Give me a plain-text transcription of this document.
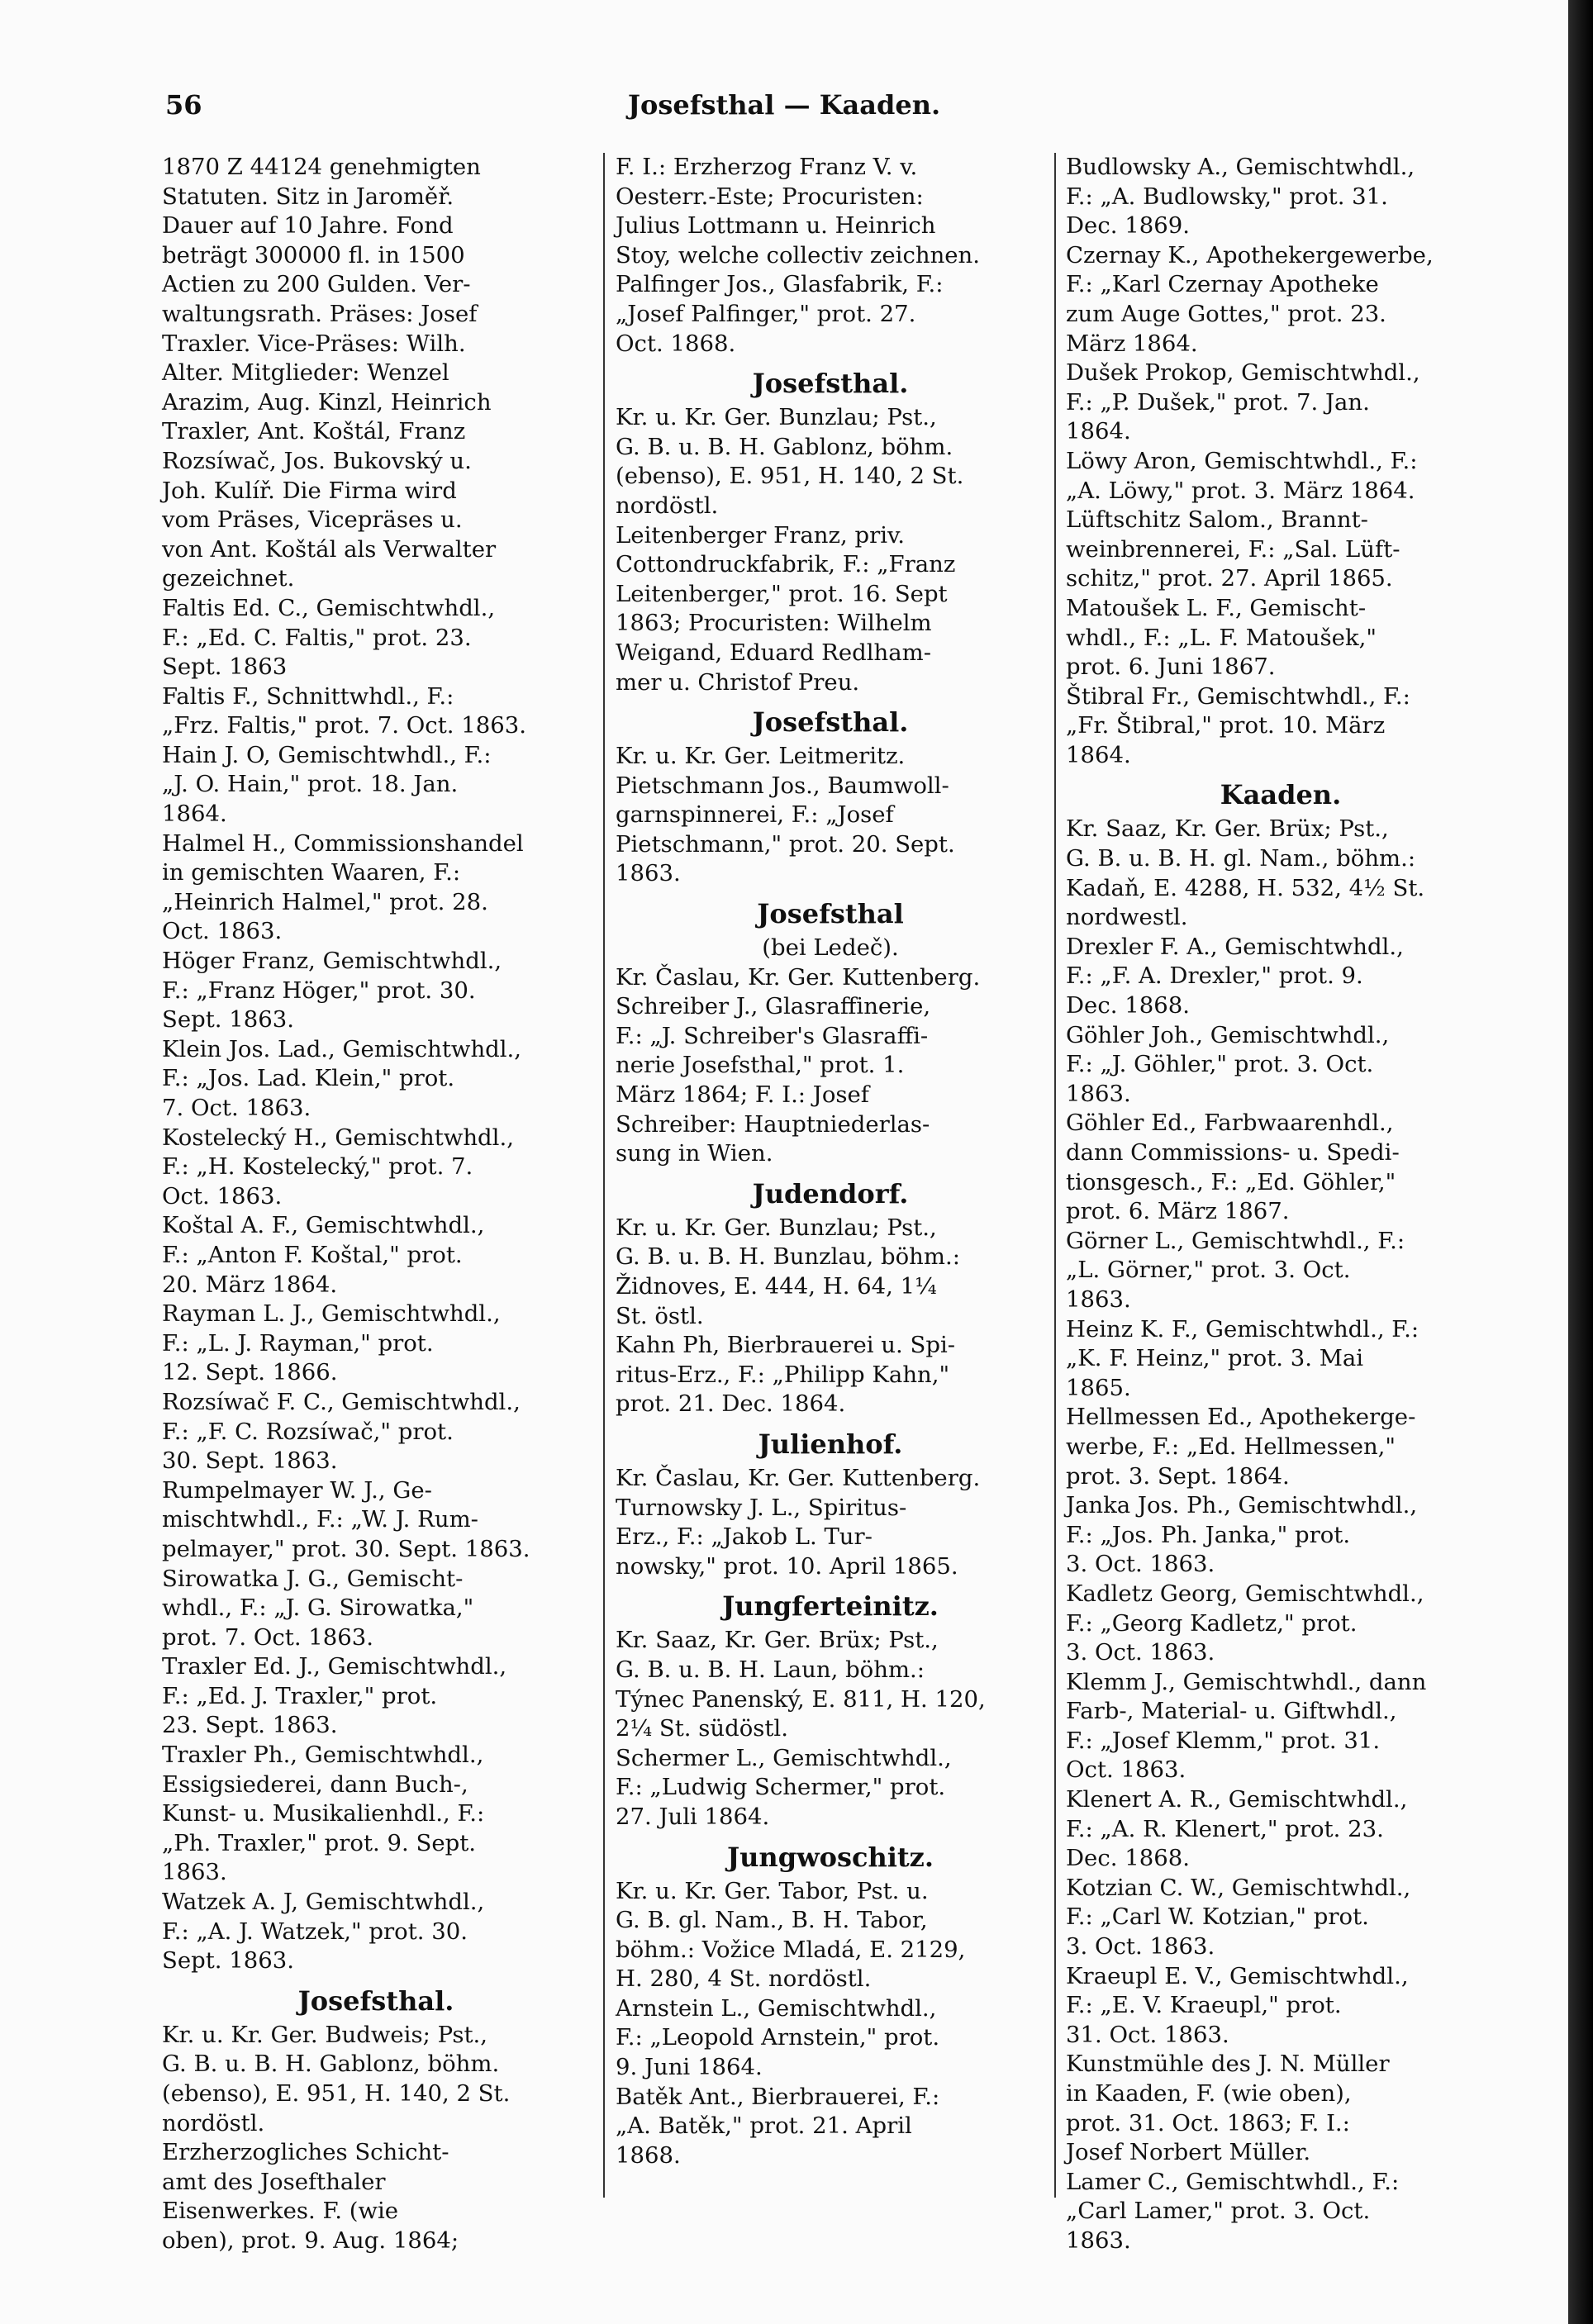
56	Josefsthal — Kaaden.
1870 Z 44124 genehmigten
Statuten. Sitz in Jaroměř.
Dauer auf 10 Jahre. Fond
beträgt 300000 fl. in 1500
Actien zu 200 Gulden. Ver-
waltungsrath. Präses: Josef
Traxler. Vice-Präses: Wilh.
Alter. Mitglieder: Wenzel
Arazim, Aug. Kinzl, Heinrich
Traxler, Ant. Koštál, Franz
Rozsíwač, Jos. Bukovský u.
Joh. Kulíř. Die Firma wird
vom Präses, Vicepräses u.
von Ant. Koštál als Verwalter
gezeichnet.
Faltis Ed. C., Gemischtwhdl.,
F.: „Ed. C. Faltis," prot. 23.
Sept. 1863
Faltis F., Schnittwhdl., F.:
„Frz. Faltis," prot. 7. Oct. 1863.
Hain J. O, Gemischtwhdl., F.:
„J. O. Hain," prot. 18. Jan.
1864.
Halmel H., Commissionshandel
in gemischten Waaren, F.:
„Heinrich Halmel," prot. 28.
Oct. 1863.
Höger Franz, Gemischtwhdl.,
F.: „Franz Höger," prot. 30.
Sept. 1863.
Klein Jos. Lad., Gemischtwhdl.,
F.: „Jos. Lad. Klein," prot.
7. Oct. 1863.
Kostelecký H., Gemischtwhdl.,
F.: „H. Kostelecký," prot. 7.
Oct. 1863.
Koštal A. F., Gemischtwhdl.,
F.: „Anton F. Koštal," prot.
20. März 1864.
Rayman L. J., Gemischtwhdl.,
F.: „L. J. Rayman," prot.
12. Sept. 1866.
Rozsíwač F. C., Gemischtwhdl.,
F.: „F. C. Rozsíwač," prot.
30. Sept. 1863.
Rumpelmayer W. J., Ge-
mischtwhdl., F.: „W. J. Rum-
pelmayer," prot. 30. Sept. 1863.
Sirowatka J. G., Gemischt-
whdl., F.: „J. G. Sirowatka,"
prot. 7. Oct. 1863.
Traxler Ed. J., Gemischtwhdl.,
F.: „Ed. J. Traxler," prot.
23. Sept. 1863.
Traxler Ph., Gemischtwhdl.,
Essigsiederei, dann Buch-,
Kunst- u. Musikalienhdl., F.:
„Ph. Traxler," prot. 9. Sept.
1863.
Watzek A. J, Gemischtwhdl.,
F.: „A. J. Watzek," prot. 30.
Sept. 1863.
Josefsthal.
Kr. u. Kr. Ger. Budweis; Pst.,
G. B. u. B. H. Gablonz, böhm.
(ebenso), E. 951, H. 140, 2 St.
nordöstl.
Erzherzogliches Schicht-
amt des Josefthaler
Eisenwerkes. F. (wie
oben), prot. 9. Aug. 1864;
F. I.: Erzherzog Franz V. v.
Oesterr.-Este; Procuristen:
Julius Lottmann u. Heinrich
Stoy, welche collectiv zeichnen.
Palfinger Jos., Glasfabrik, F.:
„Josef Palfinger," prot. 27.
Oct. 1868.
Josefsthal.
Kr. u. Kr. Ger. Bunzlau; Pst.,
G. B. u. B. H. Gablonz, böhm.
(ebenso), E. 951, H. 140, 2 St.
nordöstl.
Leitenberger Franz, priv.
Cottondruckfabrik, F.: „Franz
Leitenberger," prot. 16. Sept
1863; Procuristen: Wilhelm
Weigand, Eduard Redlham-
mer u. Christof Preu.
Josefsthal.
Kr. u. Kr. Ger. Leitmeritz.
Pietschmann Jos., Baumwoll-
garnspinnerei, F.: „Josef
Pietschmann," prot. 20. Sept.
1863.
Josefsthal
(bei Ledeč).
Kr. Časlau, Kr. Ger. Kuttenberg.
Schreiber J., Glasraffinerie,
F.: „J. Schreiber's Glasraffi-
nerie Josefsthal," prot. 1.
März 1864; F. I.: Josef
Schreiber: Hauptniederlas-
sung in Wien.
Judendorf.
Kr. u. Kr. Ger. Bunzlau; Pst.,
G. B. u. B. H. Bunzlau, böhm.:
Židnoves, E. 444, H. 64, 1¼
St. östl.
Kahn Ph, Bierbrauerei u. Spi-
ritus-Erz., F.: „Philipp Kahn,"
prot. 21. Dec. 1864.
Julienhof.
Kr. Časlau, Kr. Ger. Kuttenberg.
Turnowsky J. L., Spiritus-
Erz., F.: „Jakob L. Tur-
nowsky," prot. 10. April 1865.
Jungferteinitz.
Kr. Saaz, Kr. Ger. Brüx; Pst.,
G. B. u. B. H. Laun, böhm.:
Týnec Panenský, E. 811, H. 120,
2¼ St. südöstl.
Schermer L., Gemischtwhdl.,
F.: „Ludwig Schermer," prot.
27. Juli 1864.
Jungwoschitz.
Kr. u. Kr. Ger. Tabor, Pst. u.
G. B. gl. Nam., B. H. Tabor,
böhm.: Vožice Mladá, E. 2129,
H. 280, 4 St. nordöstl.
Arnstein L., Gemischtwhdl.,
F.: „Leopold Arnstein," prot.
9. Juni 1864.
Batěk Ant., Bierbrauerei, F.:
„A. Batěk," prot. 21. April
1868.
Budlowsky A., Gemischtwhdl.,
F.: „A. Budlowsky," prot. 31.
Dec. 1869.
Czernay K., Apothekergewerbe,
F.: „Karl Czernay Apotheke
zum Auge Gottes," prot. 23.
März 1864.
Dušek Prokop, Gemischtwhdl.,
F.: „P. Dušek," prot. 7. Jan.
1864.
Löwy Aron, Gemischtwhdl., F.:
„A. Löwy," prot. 3. März 1864.
Lüftschitz Salom., Brannt-
weinbrennerei, F.: „Sal. Lüft-
schitz," prot. 27. April 1865.
Matoušek L. F., Gemischt-
whdl., F.: „L. F. Matoušek,"
prot. 6. Juni 1867.
Štibral Fr., Gemischtwhdl., F.:
„Fr. Štibral," prot. 10. März
1864.
Kaaden.
Kr. Saaz, Kr. Ger. Brüx; Pst.,
G. B. u. B. H. gl. Nam., böhm.:
Kadaň, E. 4288, H. 532, 4½ St.
nordwestl.
Drexler F. A., Gemischtwhdl.,
F.: „F. A. Drexler," prot. 9.
Dec. 1868.
Göhler Joh., Gemischtwhdl.,
F.: „J. Göhler," prot. 3. Oct.
1863.
Göhler Ed., Farbwaarenhdl.,
dann Commissions- u. Spedi-
tionsgesch., F.: „Ed. Göhler,"
prot. 6. März 1867.
Görner L., Gemischtwhdl., F.:
„L. Görner," prot. 3. Oct.
1863.
Heinz K. F., Gemischtwhdl., F.:
„K. F. Heinz," prot. 3. Mai
1865.
Hellmessen Ed., Apothekerge-
werbe, F.: „Ed. Hellmessen,"
prot. 3. Sept. 1864.
Janka Jos. Ph., Gemischtwhdl.,
F.: „Jos. Ph. Janka," prot.
3. Oct. 1863.
Kadletz Georg, Gemischtwhdl.,
F.: „Georg Kadletz," prot.
3. Oct. 1863.
Klemm J., Gemischtwhdl., dann
Farb-, Material- u. Giftwhdl.,
F.: „Josef Klemm," prot. 31.
Oct. 1863.
Klenert A. R., Gemischtwhdl.,
F.: „A. R. Klenert," prot. 23.
Dec. 1868.
Kotzian C. W., Gemischtwhdl.,
F.: „Carl W. Kotzian," prot.
3. Oct. 1863.
Kraeupl E. V., Gemischtwhdl.,
F.: „E. V. Kraeupl," prot.
31. Oct. 1863.
Kunstmühle des J. N. Müller
in Kaaden, F. (wie oben),
prot. 31. Oct. 1863; F. I.:
Josef Norbert Müller.
Lamer C., Gemischtwhdl., F.:
„Carl Lamer," prot. 3. Oct.
1863.
